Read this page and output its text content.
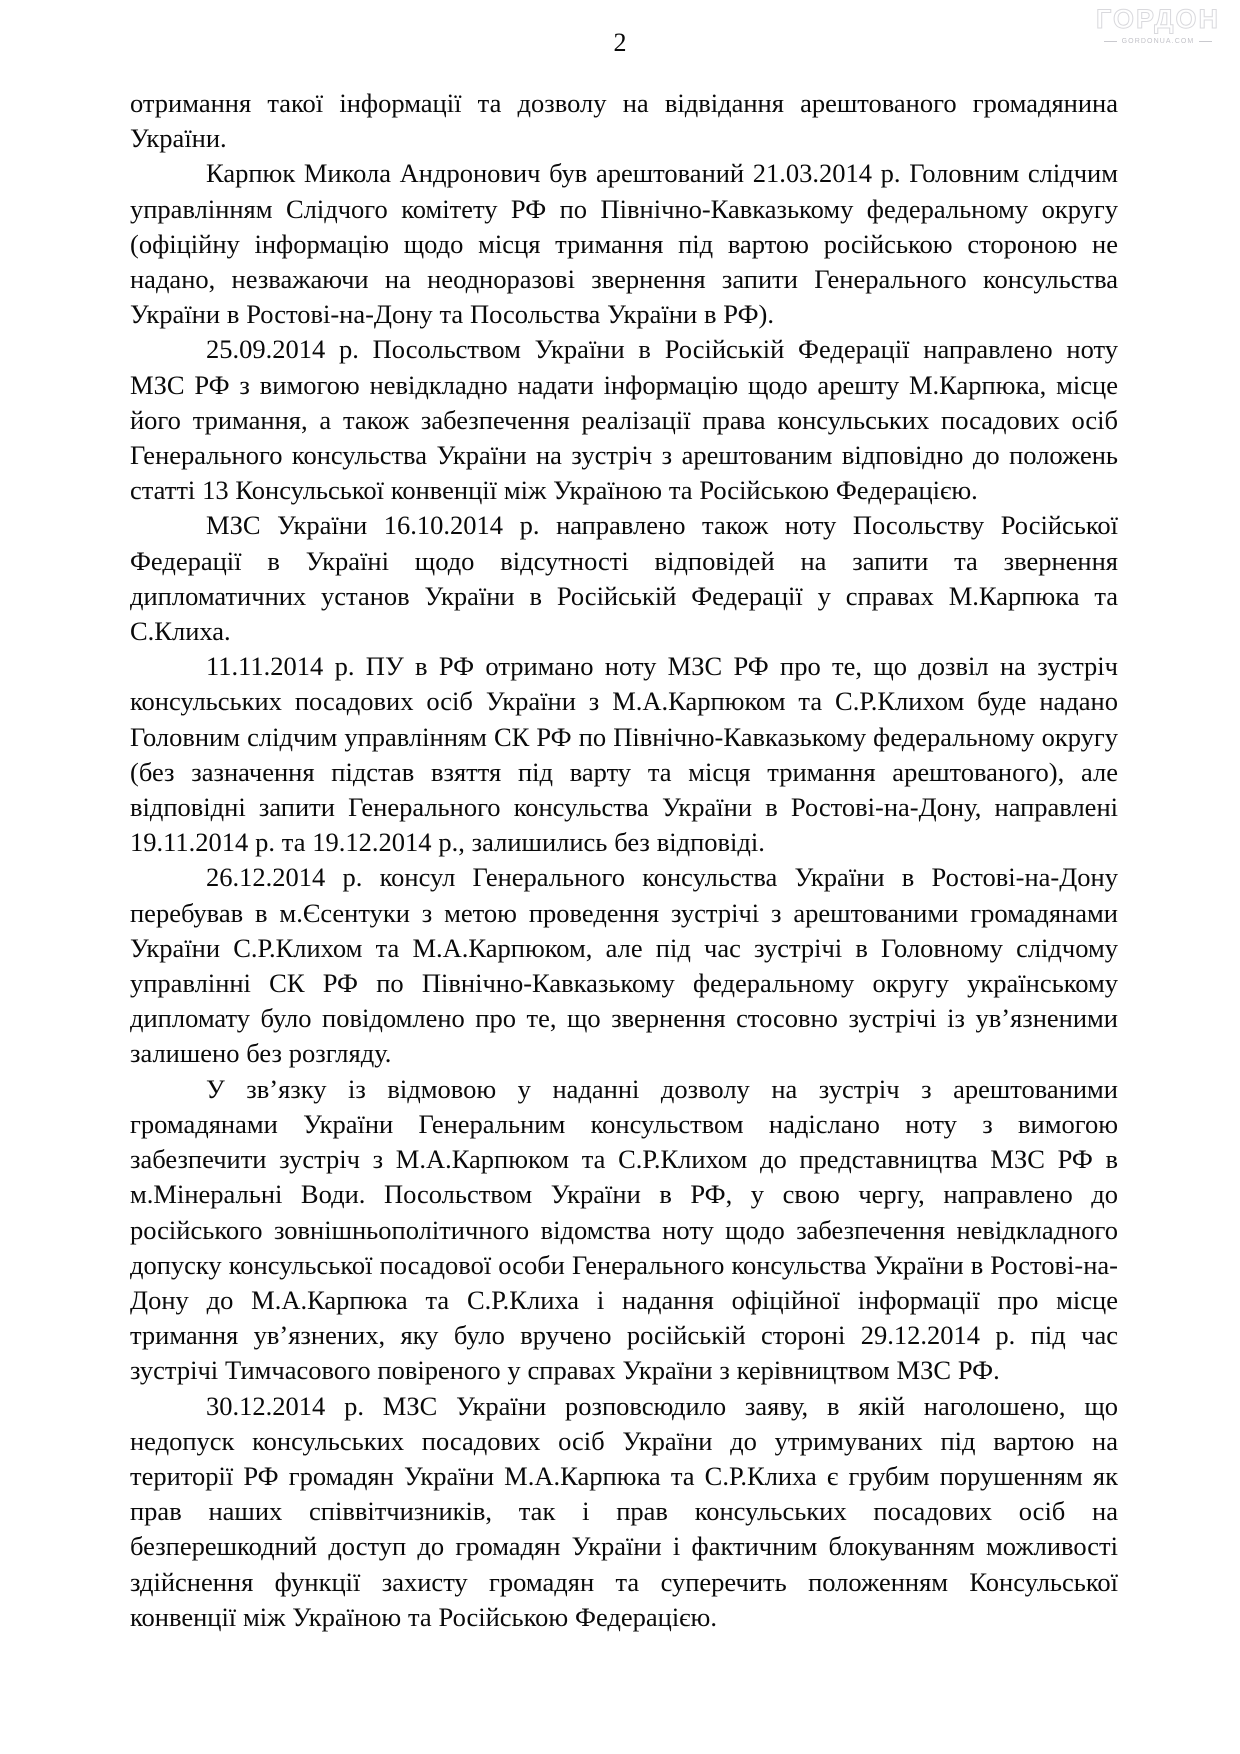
ГОРДОН
GORDONUA.COM
2

отримання такої інформації та дозволу на відвідання арештованого громадянина України.

Карпюк Микола Андронович був арештований 21.03.2014 р. Головним слідчим управлінням Слідчого комітету РФ по Північно-Кавказькому федеральному округу (офіційну інформацію щодо місця тримання під вартою російською стороною не надано, незважаючи на неодноразові звернення запити Генерального консульства України в Ростові-на-Дону та Посольства України в РФ).

25.09.2014 р. Посольством України в Російській Федерації направлено ноту МЗС РФ з вимогою невідкладно надати інформацію щодо арешту М.Карпюка, місце його тримання, а також забезпечення реалізації права консульських посадових осіб Генерального консульства України на зустріч з арештованим відповідно до положень статті 13 Консульської конвенції між Україною та Російською Федерацією.

МЗС України 16.10.2014 р. направлено також ноту Посольству Російської Федерації в Україні щодо відсутності відповідей на запити та звернення дипломатичних установ України в Російській Федерації у справах М.Карпюка та С.Клиха.

11.11.2014 р. ПУ в РФ отримано ноту МЗС РФ про те, що дозвіл на зустріч консульських посадових осіб України з М.А.Карпюком та С.Р.Клихом буде надано Головним слідчим управлінням СК РФ по Північно-Кавказькому федеральному округу (без зазначення підстав взяття під варту та місця тримання арештованого), але відповідні запити Генерального консульства України в Ростові-на-Дону, направлені 19.11.2014 р. та 19.12.2014 р., залишились без відповіді.

26.12.2014 р. консул Генерального консульства України в Ростові-на-Дону перебував в м.Єсентуки з метою проведення зустрічі з арештованими громадянами України С.Р.Клихом та М.А.Карпюком, але під час зустрічі в Головному слідчому управлінні СК РФ по Північно-Кавказькому федеральному округу українському дипломату було повідомлено про те, що звернення стосовно зустрічі із ув’язненими залишено без розгляду.

У зв’язку із відмовою у наданні дозволу на зустріч з арештованими громадянами України Генеральним консульством надіслано ноту з вимогою забезпечити зустріч з М.А.Карпюком та С.Р.Клихом до представництва МЗС РФ в м.Мінеральні Води. Посольством України в РФ, у свою чергу, направлено до російського зовнішньополітичного відомства ноту щодо забезпечення невідкладного допуску консульської посадової особи Генерального консульства України в Ростові-на-Дону до М.А.Карпюка та С.Р.Клиха і надання офіційної інформації про місце тримання ув’язнених, яку було вручено російській стороні 29.12.2014 р. під час зустрічі Тимчасового повіреного у справах України з керівництвом МЗС РФ.

30.12.2014 р. МЗС України розповсюдило заяву, в якій наголошено, що недопуск консульських посадових осіб України до утримуваних під вартою на території РФ громадян України М.А.Карпюка та С.Р.Клиха є грубим порушенням як прав наших співвітчизників, так і прав консульських посадових осіб на безперешкодний доступ до громадян України і фактичним блокуванням можливості здійснення функції захисту громадян та суперечить положенням Консульської конвенції між Україною та Російською Федерацією.
